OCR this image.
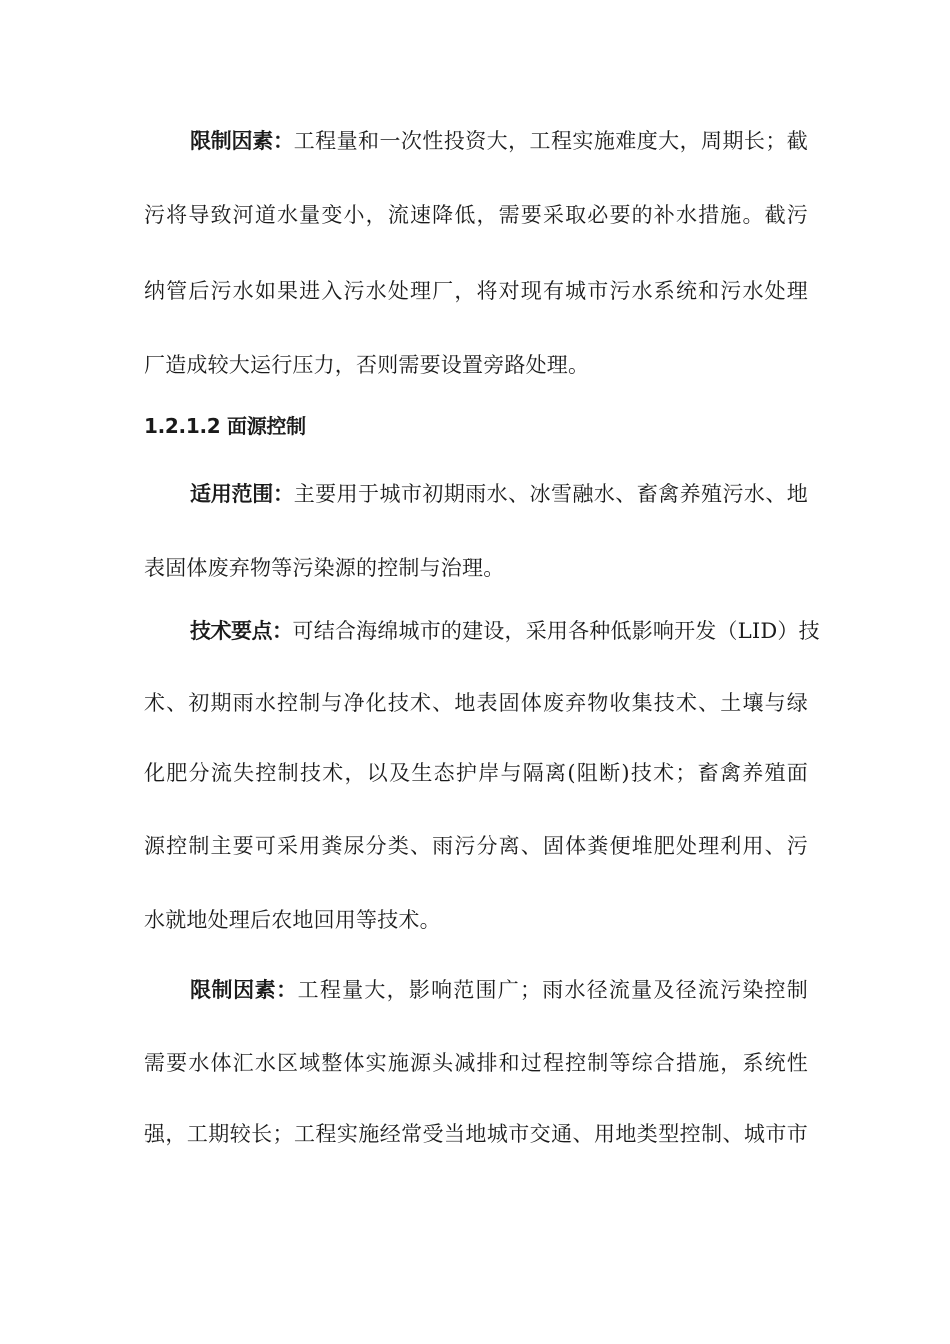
限制因素：工程量和一次性投资大，工程实施难度大，周期长；截
污将导致河道水量变小，流速降低，需要采取必要的补水措施。截污
纳管后污水如果进入污水处理厂，将对现有城市污水系统和污水处理
厂造成较大运行压力，否则需要设置旁路处理。
1.2.1.2 面源控制
适用范围：主要用于城市初期雨水、冰雪融水、畜禽养殖污水、地
表固体废弃物等污染源的控制与治理。
技术要点：可结合海绵城市的建设，采用各种低影响开发（LID）技
术、初期雨水控制与净化技术、地表固体废弃物收集技术、土壤与绿
化肥分流失控制技术，以及生态护岸与隔离(阻断)技术；畜禽养殖面
源控制主要可采用粪尿分类、雨污分离、固体粪便堆肥处理利用、污
水就地处理后农地回用等技术。
限制因素：工程量大，影响范围广；雨水径流量及径流污染控制
需要水体汇水区域整体实施源头减排和过程控制等综合措施，系统性
强，工期较长；工程实施经常受当地城市交通、用地类型控制、城市市
